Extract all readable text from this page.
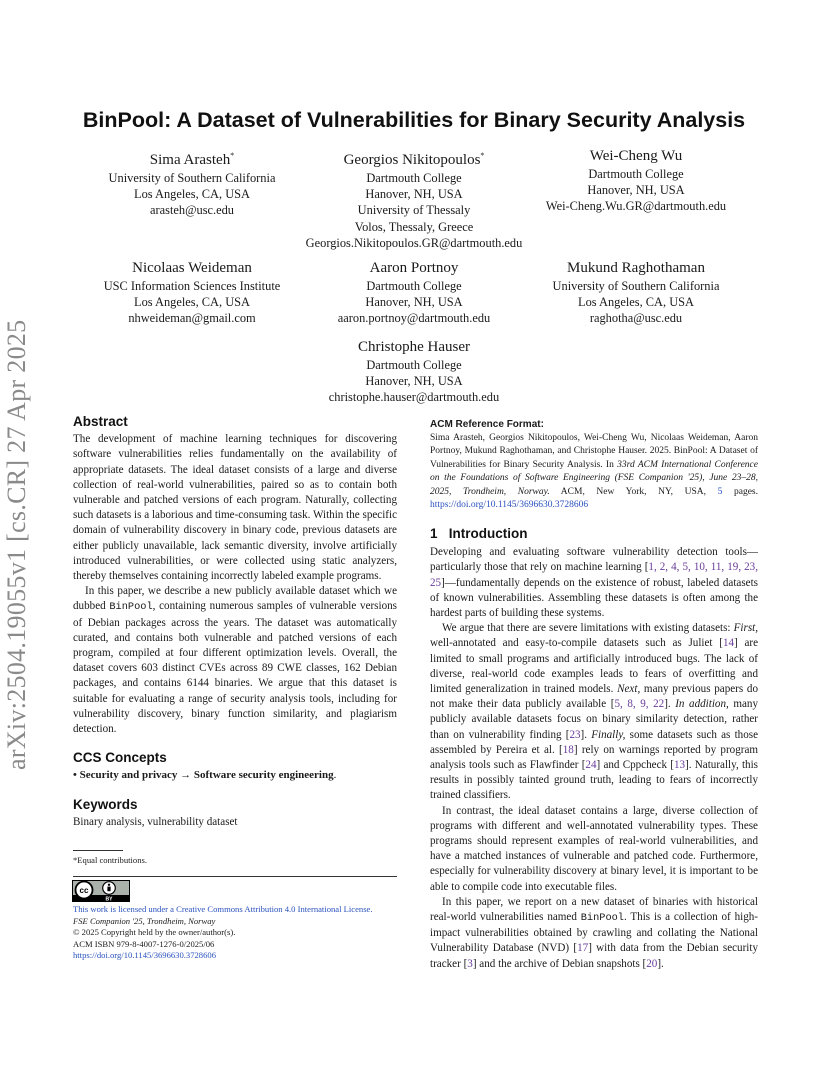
arXiv:2504.19055v1 [cs.CR] 27 Apr 2025
BinPool: A Dataset of Vulnerabilities for Binary Security Analysis
Sima Arasteh*
University of Southern California
Los Angeles, CA, USA
arasteh@usc.edu
Georgios Nikitopoulos*
Dartmouth College
Hanover, NH, USA
University of Thessaly
Volos, Thessaly, Greece
Georgios.Nikitopoulos.GR@dartmouth.edu
Wei-Cheng Wu
Dartmouth College
Hanover, NH, USA
Wei-Cheng.Wu.GR@dartmouth.edu
Nicolaas Weideman
USC Information Sciences Institute
Los Angeles, CA, USA
nhweideman@gmail.com
Aaron Portnoy
Dartmouth College
Hanover, NH, USA
aaron.portnoy@dartmouth.edu
Mukund Raghothaman
University of Southern California
Los Angeles, CA, USA
raghotha@usc.edu
Christophe Hauser
Dartmouth College
Hanover, NH, USA
christophe.hauser@dartmouth.edu
Abstract

The development of machine learning techniques for discovering software vulnerabilities relies fundamentally on the availability of appropriate datasets. The ideal dataset consists of a large and diverse collection of real-world vulnerabilities, paired so as to contain both vulnerable and patched versions of each program. Naturally, collecting such datasets is a laborious and time-consuming task. Within the specific domain of vulnerability discovery in binary code, previous datasets are either publicly unavailable, lack semantic diversity, involve artificially introduced vulnerabilities, or were collected using static analyzers, thereby themselves containing incorrectly labeled example programs.

In this paper, we describe a new publicly available dataset which we dubbed BinPool, containing numerous samples of vulnerable versions of Debian packages across the years. The dataset was automatically curated, and contains both vulnerable and patched versions of each program, compiled at four different optimization levels. Overall, the dataset covers 603 distinct CVEs across 89 CWE classes, 162 Debian packages, and contains 6144 binaries. We argue that this dataset is suitable for evaluating a range of security analysis tools, including for vulnerability discovery, binary function similarity, and plagiarism detection.

CCS Concepts

• Security and privacy → Software security engineering.

Keywords

Binary analysis, vulnerability dataset

*Equal contributions.
cc
BY
This work is licensed under a Creative Commons Attribution 4.0 International License.
FSE Companion '25, Trondheim, Norway
© 2025 Copyright held by the owner/author(s).
ACM ISBN 979-8-4007-1276-0/2025/06
https://doi.org/10.1145/3696630.3728606
ACM Reference Format:
Sima Arasteh, Georgios Nikitopoulos, Wei-Cheng Wu, Nicolaas Weideman, Aaron Portnoy, Mukund Raghothaman, and Christophe Hauser. 2025. BinPool: A Dataset of Vulnerabilities for Binary Security Analysis. In 33rd ACM International Conference on the Foundations of Software Engineering (FSE Companion '25), June 23–28, 2025, Trondheim, Norway. ACM, New York, NY, USA, 5 pages. https://doi.org/10.1145/3696630.3728606
1 Introduction

Developing and evaluating software vulnerability detection tools—particularly those that rely on machine learning [1, 2, 4, 5, 10, 11, 19, 23, 25]—fundamentally depends on the existence of robust, labeled datasets of known vulnerabilities. Assembling these datasets is often among the hardest parts of building these systems.

We argue that there are severe limitations with existing datasets: First, well-annotated and easy-to-compile datasets such as Juliet [14] are limited to small programs and artificially introduced bugs. The lack of diverse, real-world code examples leads to fears of overfitting and limited generalization in trained models. Next, many previous papers do not make their data publicly available [5, 8, 9, 22]. In addition, many publicly available datasets focus on binary similarity detection, rather than on vulnerability finding [23]. Finally, some datasets such as those assembled by Pereira et al. [18] rely on warnings reported by program analysis tools such as Flawfinder [24] and Cppcheck [13]. Naturally, this results in possibly tainted ground truth, leading to fears of incorrectly trained classifiers.

In contrast, the ideal dataset contains a large, diverse collection of programs with different and well-annotated vulnerability types. These programs should represent examples of real-world vulnerabilities, and have a matched instances of vulnerable and patched code. Furthermore, especially for vulnerability discovery at binary level, it is important to be able to compile code into executable files.

In this paper, we report on a new dataset of binaries with historical real-world vulnerabilities named BinPool. This is a collection of high-impact vulnerabilities obtained by crawling and collating the National Vulnerability Database (NVD) [17] with data from the Debian security tracker [3] and the archive of Debian snapshots [20].
